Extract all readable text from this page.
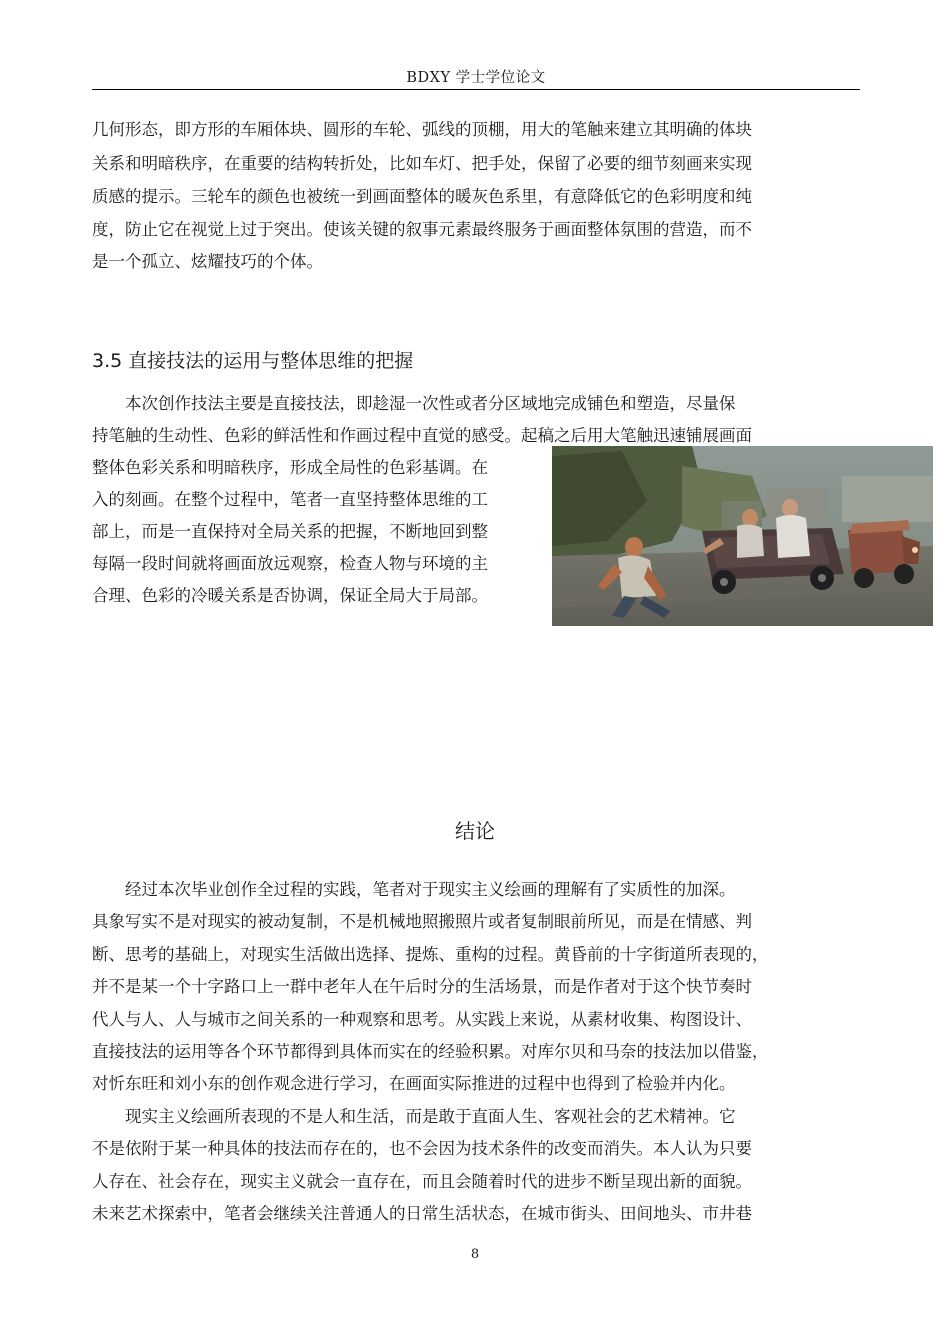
BDXY 学士学位论文
几何形态，即方形的车厢体块、圆形的车轮、弧线的顶棚，用大的笔触来建立其明确的体块
关系和明暗秩序，在重要的结构转折处，比如车灯、把手处，保留了必要的细节刻画来实现
质感的提示。三轮车的颜色也被统一到画面整体的暖灰色系里，有意降低它的色彩明度和纯
度，防止它在视觉上过于突出。使该关键的叙事元素最终服务于画面整体氛围的营造，而不
是一个孤立、炫耀技巧的个体。
3.5 直接技法的运用与整体思维的把握
　　本次创作技法主要是直接技法，即趁湿一次性或者分区域地完成铺色和塑造，尽量保
持笔触的生动性、色彩的鲜活性和作画过程中直觉的感受。起稿之后用大笔触迅速铺展画面
整体色彩关系和明暗秩序，形成全局性的色彩基调。在
入的刻画。在整个过程中，笔者一直坚持整体思维的工
部上，而是一直保持对全局关系的把握，不断地回到整
每隔一段时间就将画面放远观察，检查人物与环境的主
合理、色彩的冷暖关系是否协调，保证全局大于局部。
结论
　　经过本次毕业创作全过程的实践，笔者对于现实主义绘画的理解有了实质性的加深。
具象写实不是对现实的被动复制，不是机械地照搬照片或者复制眼前所见，而是在情感、判
断、思考的基础上，对现实生活做出选择、提炼、重构的过程。黄昏前的十字街道所表现的，
并不是某一个十字路口上一群中老年人在午后时分的生活场景，而是作者对于这个快节奏时
代人与人、人与城市之间关系的一种观察和思考。从实践上来说，从素材收集、构图设计、
直接技法的运用等各个环节都得到具体而实在的经验积累。对库尔贝和马奈的技法加以借鉴，
对忻东旺和刘小东的创作观念进行学习，在画面实际推进的过程中也得到了检验并内化。
　　现实主义绘画所表现的不是人和生活，而是敢于直面人生、客观社会的艺术精神。它
不是依附于某一种具体的技法而存在的，也不会因为技术条件的改变而消失。本人认为只要
人存在、社会存在，现实主义就会一直存在，而且会随着时代的进步不断呈现出新的面貌。
未来艺术探索中，笔者会继续关注普通人的日常生活状态，在城市街头、田间地头、市井巷
8
